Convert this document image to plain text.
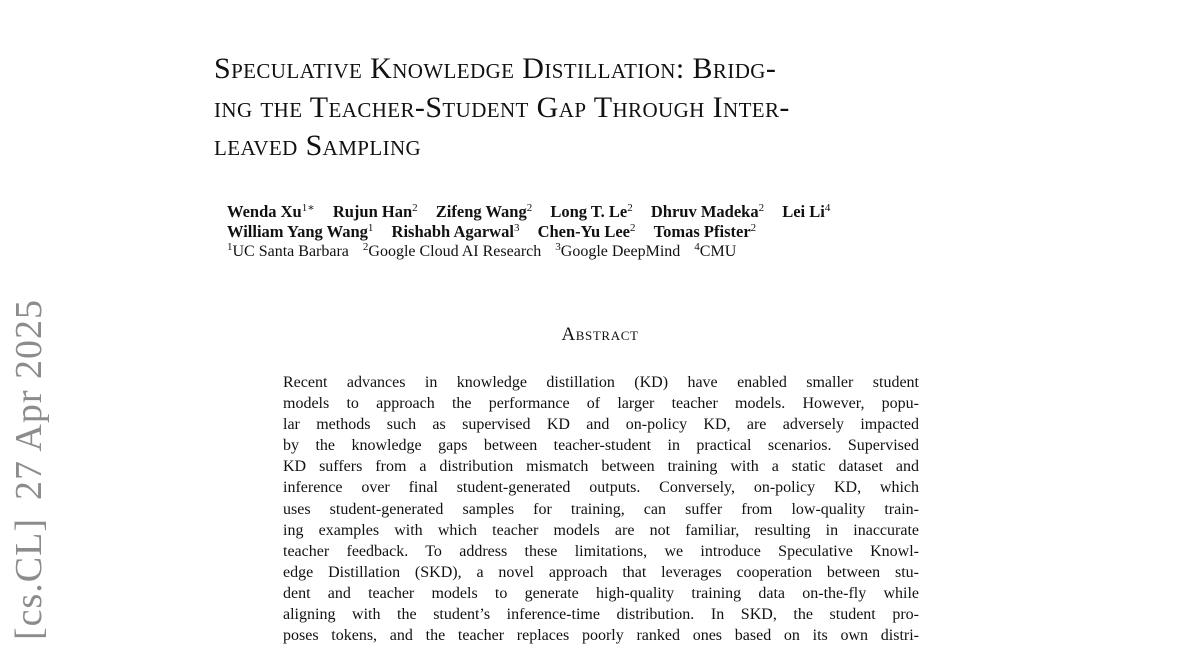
[cs.CL]27 Apr 2025
Speculative Knowledge Distillation: Bridg-
ing the Teacher-Student Gap Through Inter-
leaved Sampling
Wenda $Xu^{1∗}$ Rujun Han$^2$ Zifeng Wang$^2$ Long T. Le$^2$ Dhruv Madeka$^2$ Lei Li$^4$
William Yang Wang$^1$ Rishabh Agarwal$^3$ Chen-Yu Lee$^2$ Tomas Pfister$^2$
$^1$UC Santa Barbara $^2$Google Cloud AI Research $^3$Google DeepMind $^4$CMU
Abstract
Recent advances in knowledge distillation (KD) have enabled smaller student
models to approach the performance of larger teacher models. However, popu-
lar methods such as supervised KD and on-policy KD, are adversely impacted
by the knowledge gaps between teacher-student in practical scenarios. Supervised
KD suffers from a distribution mismatch between training with a static dataset and
inference over final student-generated outputs. Conversely, on-policy KD, which
uses student-generated samples for training, can suffer from low-quality train-
ing examples with which teacher models are not familiar, resulting in inaccurate
teacher feedback. To address these limitations, we introduce Speculative Knowl-
edge Distillation (SKD), a novel approach that leverages cooperation between stu-
dent and teacher models to generate high-quality training data on-the-fly while
aligning with the student’s inference-time distribution. In SKD, the student pro-
poses tokens, and the teacher replaces poorly ranked ones based on its own distri-
